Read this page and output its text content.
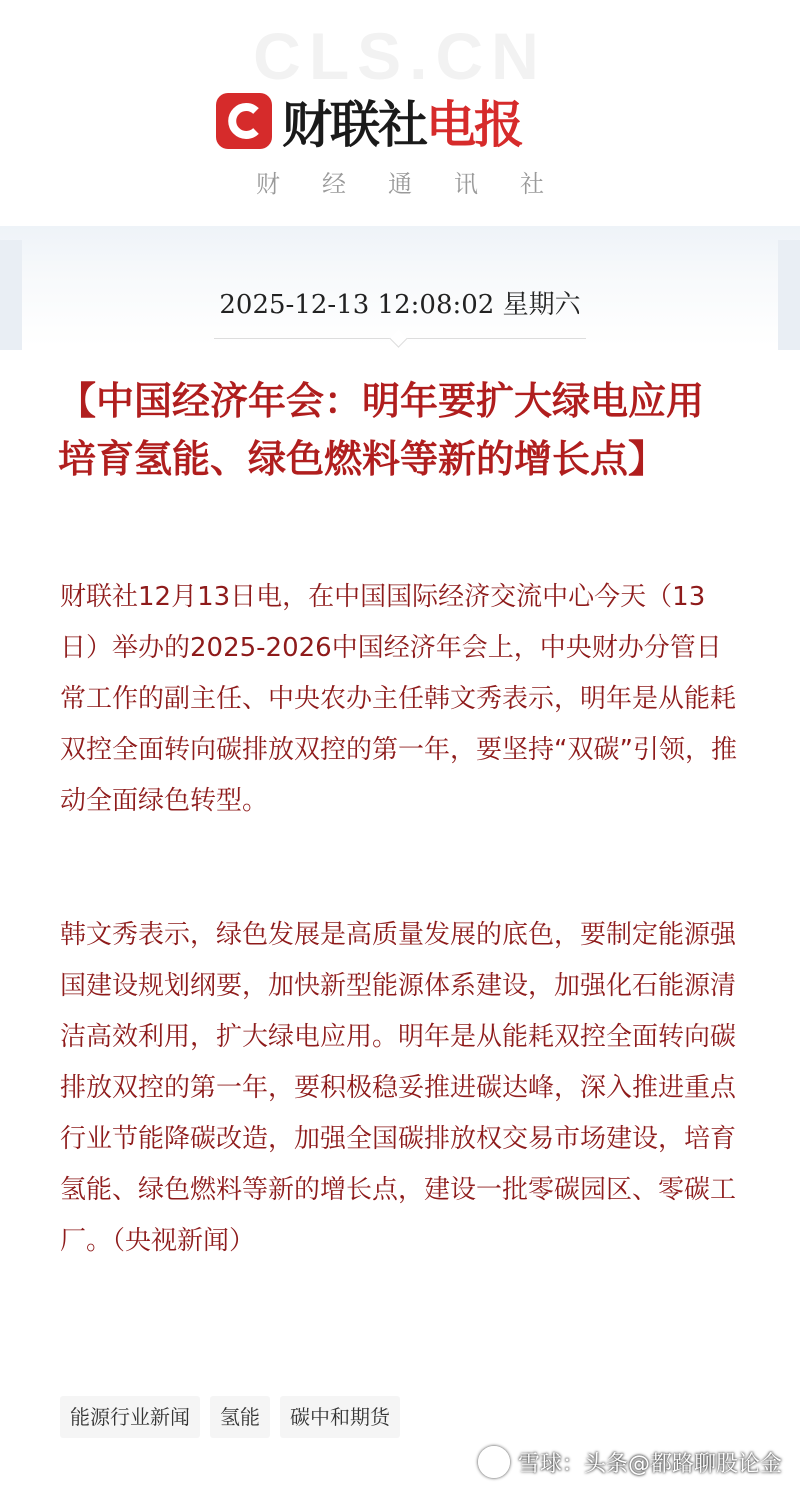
CLS.CN
财联社 电报
财经通讯社
2025-12-13 12:08:02 星期六
【中国经济年会：明年要扩大绿电应用 培育氢能、绿色燃料等新的增长点】
财联社12月13日电，在中国国际经济交流中心今天（13日）举办的2025-2026中国经济年会上，中央财办分管日常工作的副主任、中央农办主任韩文秀表示，明年是从能耗双控全面转向碳排放双控的第一年，要坚持“双碳”引领，推动全面绿色转型。
韩文秀表示，绿色发展是高质量发展的底色，要制定能源强国建设规划纲要，加快新型能源体系建设，加强化石能源清洁高效利用，扩大绿电应用。明年是从能耗双控全面转向碳排放双控的第一年，要积极稳妥推进碳达峰，深入推进重点行业节能降碳改造，加强全国碳排放权交易市场建设，培育氢能、绿色燃料等新的增长点，建设一批零碳园区、零碳工厂。（央视新闻）
能源行业新闻	氢能	碳中和期货
雪球：头条@都路聊股论金
